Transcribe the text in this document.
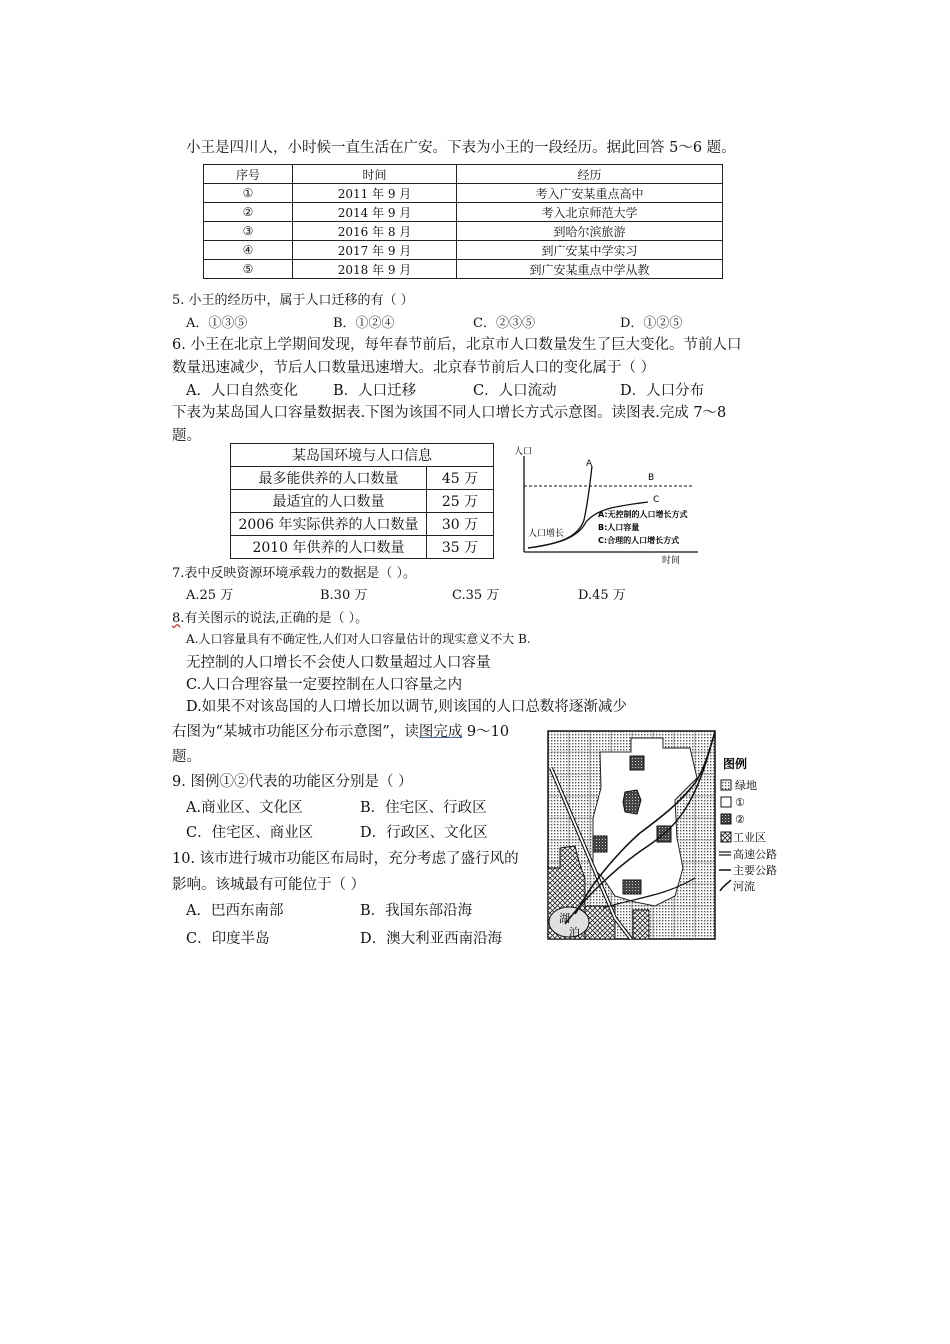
小王是四川人，小时候一直生活在广安。下表为小王的一段经历。据此回答 5～6 题。
序号	时间	经历
①	2011 年 9 月	考入广安某重点高中
②	2014 年 9 月	考入北京师范大学
③	2016 年 8 月	到哈尔滨旅游
④	2017 年 9 月	到广安某中学实习
⑤	2018 年 9 月	到广安某重点中学从教
5. 小王的经历中，属于人口迁移的有（ ）
A．①③⑤	B．①②④	C．②③⑤	D．①②⑤
6. 小王在北京上学期间发现，每年春节前后，北京市人口数量发生了巨大变化。节前人口
数量迅速减少，节后人口数量迅速增大。北京春节前后人口的变化属于（ ）
A．人口自然变化 B．人口迁移	C．人口流动	D．人口分布
下表为某岛国人口容量数据表.下图为该国不同人口增长方式示意图。读图表.完成 7～8
题。
某岛国环境与人口信息	
最多能供养的人口数量	45 万
最适宜的人口数量	25 万
2006 年实际供养的人口数量	30 万
2010 年供养的人口数量	35 万
人口
时间
A
B
C
人口增长
A:无控制的人口增长方式
B:人口容量
C:合理的人口增长方式
7.表中反映资源环境承载力的数据是（ ）。
A.25 万	B.30 万	C.35 万	D.45 万
8.有关图示的说法,正确的是（ ）。
A.人口容量具有不确定性,人们对人口容量估计的现实意义不大 B.
无控制的人口增长不会使人口数量超过人口容量
C.人口合理容量一定要控制在人口容量之内
D.如果不对该岛国的人口增长加以调节,则该国的人口总数将逐渐减少
右图为“某城市功能区分布示意图”，读图完成 9～10
题。
9. 图例①②代表的功能区分别是（ ）
A.商业区、文化区	B．住宅区、行政区
C．住宅区、商业区	D．行政区、文化区
10. 该市进行城市功能区布局时，充分考虑了盛行风的
影响。该城最有可能位于（ ）
A．巴西东南部	B．我国东部沿海
C．印度半岛	D．澳大利亚西南沿海
湖
泊
图例
绿地
①
②
工业区
高速公路
主要公路
河流
